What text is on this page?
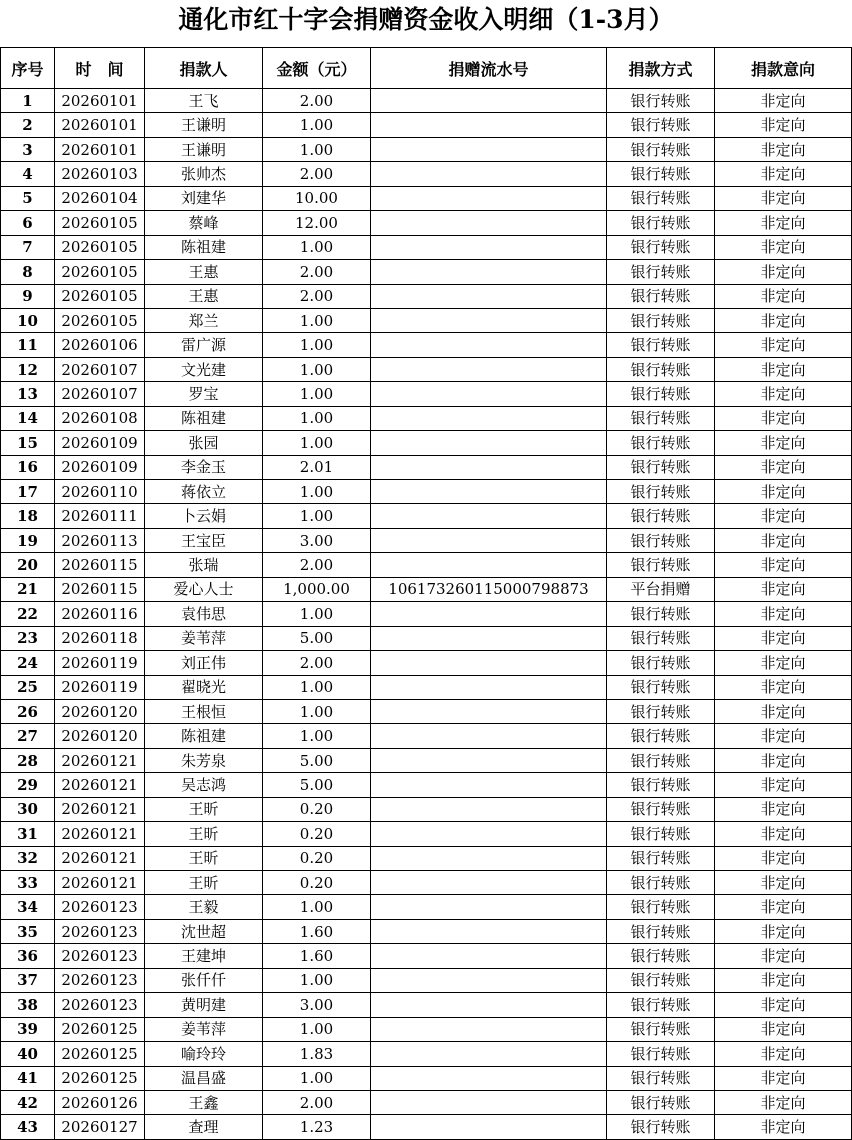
通化市红十字会捐赠资金收入明细（1-3月）
序号	时　间	捐款人	金额（元）	捐赠流水号	捐款方式	捐款意向
1	20260101	王飞	2.00		银行转账	非定向
2	20260101	王谦明	1.00		银行转账	非定向
3	20260101	王谦明	1.00		银行转账	非定向
4	20260103	张帅杰	2.00		银行转账	非定向
5	20260104	刘建华	10.00		银行转账	非定向
6	20260105	蔡峰	12.00		银行转账	非定向
7	20260105	陈祖建	1.00		银行转账	非定向
8	20260105	王惠	2.00		银行转账	非定向
9	20260105	王惠	2.00		银行转账	非定向
10	20260105	郑兰	1.00		银行转账	非定向
11	20260106	雷广源	1.00		银行转账	非定向
12	20260107	文光建	1.00		银行转账	非定向
13	20260107	罗宝	1.00		银行转账	非定向
14	20260108	陈祖建	1.00		银行转账	非定向
15	20260109	张园	1.00		银行转账	非定向
16	20260109	李金玉	2.01		银行转账	非定向
17	20260110	蒋依立	1.00		银行转账	非定向
18	20260111	卜云娟	1.00		银行转账	非定向
19	20260113	王宝臣	3.00		银行转账	非定向
20	20260115	张瑞	2.00		银行转账	非定向
21	20260115	爱心人士	1,000.00	106173260115000798873	平台捐赠	非定向
22	20260116	袁伟思	1.00		银行转账	非定向
23	20260118	姜苇萍	5.00		银行转账	非定向
24	20260119	刘正伟	2.00		银行转账	非定向
25	20260119	翟晓光	1.00		银行转账	非定向
26	20260120	王根恒	1.00		银行转账	非定向
27	20260120	陈祖建	1.00		银行转账	非定向
28	20260121	朱芳泉	5.00		银行转账	非定向
29	20260121	吴志鸿	5.00		银行转账	非定向
30	20260121	王昕	0.20		银行转账	非定向
31	20260121	王昕	0.20		银行转账	非定向
32	20260121	王昕	0.20		银行转账	非定向
33	20260121	王昕	0.20		银行转账	非定向
34	20260123	王毅	1.00		银行转账	非定向
35	20260123	沈世超	1.60		银行转账	非定向
36	20260123	王建坤	1.60		银行转账	非定向
37	20260123	张仟仟	1.00		银行转账	非定向
38	20260123	黄明建	3.00		银行转账	非定向
39	20260125	姜苇萍	1.00		银行转账	非定向
40	20260125	喻玲玲	1.83		银行转账	非定向
41	20260125	温昌盛	1.00		银行转账	非定向
42	20260126	王鑫	2.00		银行转账	非定向
43	20260127	查理	1.23		银行转账	非定向
